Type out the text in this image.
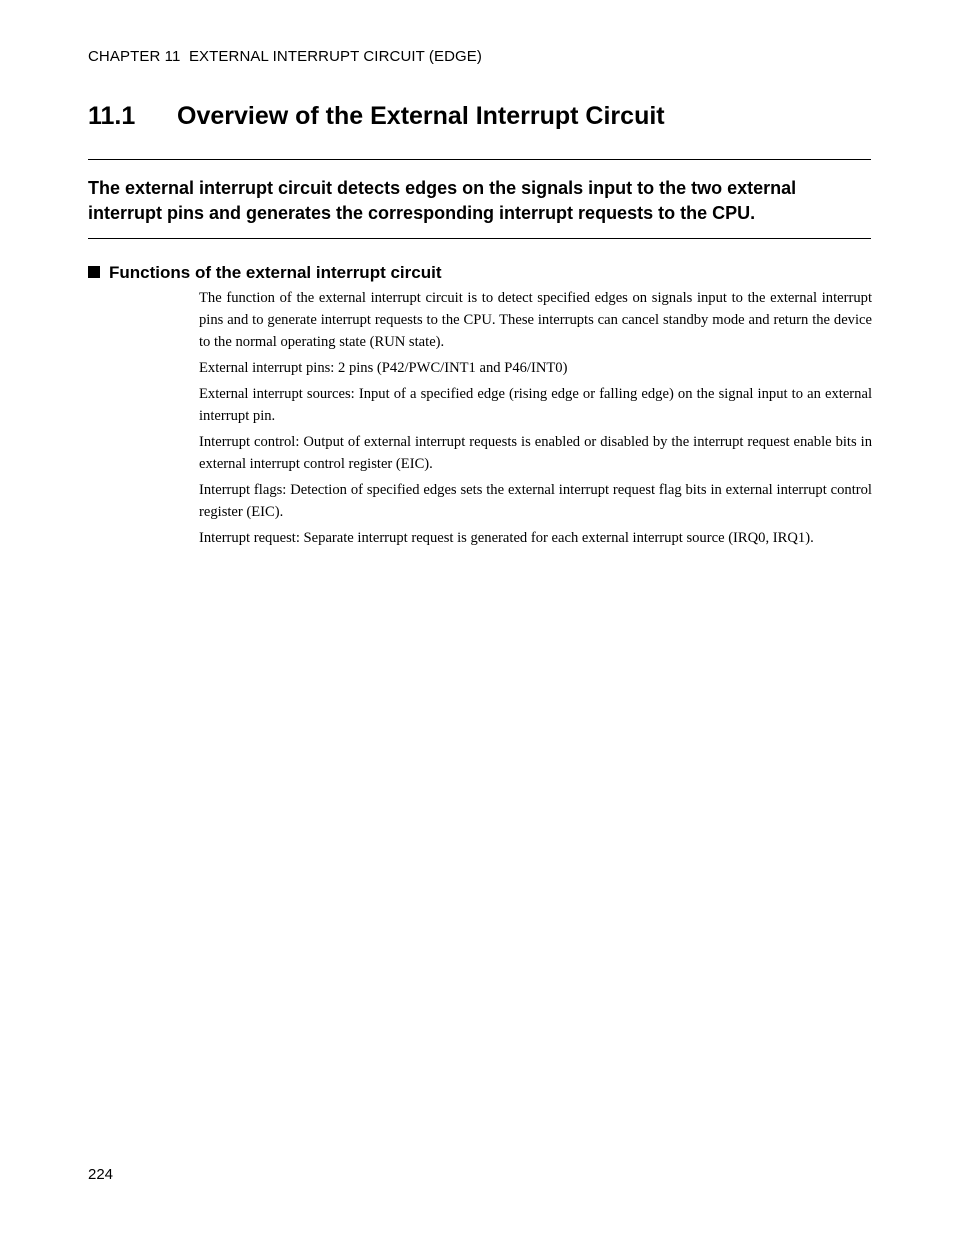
CHAPTER 11  EXTERNAL INTERRUPT CIRCUIT (EDGE)
11.1 Overview of the External Interrupt Circuit
The external interrupt circuit detects edges on the signals input to the two external interrupt pins and generates the corresponding interrupt requests to the CPU.
Functions of the external interrupt circuit

The function of the external interrupt circuit is to detect specified edges on signals input to the external interrupt pins and to generate interrupt requests to the CPU. These interrupts can cancel standby mode and return the device to the normal operating state (RUN state).

External interrupt pins: 2 pins (P42/PWC/INT1 and P46/INT0)

External interrupt sources: Input of a specified edge (rising edge or falling edge) on the signal input to an external interrupt pin.

Interrupt control: Output of external interrupt requests is enabled or disabled by the interrupt request enable bits in external interrupt control register (EIC).

Interrupt flags: Detection of specified edges sets the external interrupt request flag bits in external interrupt control register (EIC).

Interrupt request: Separate interrupt request is generated for each external interrupt source (IRQ0, IRQ1).

224
